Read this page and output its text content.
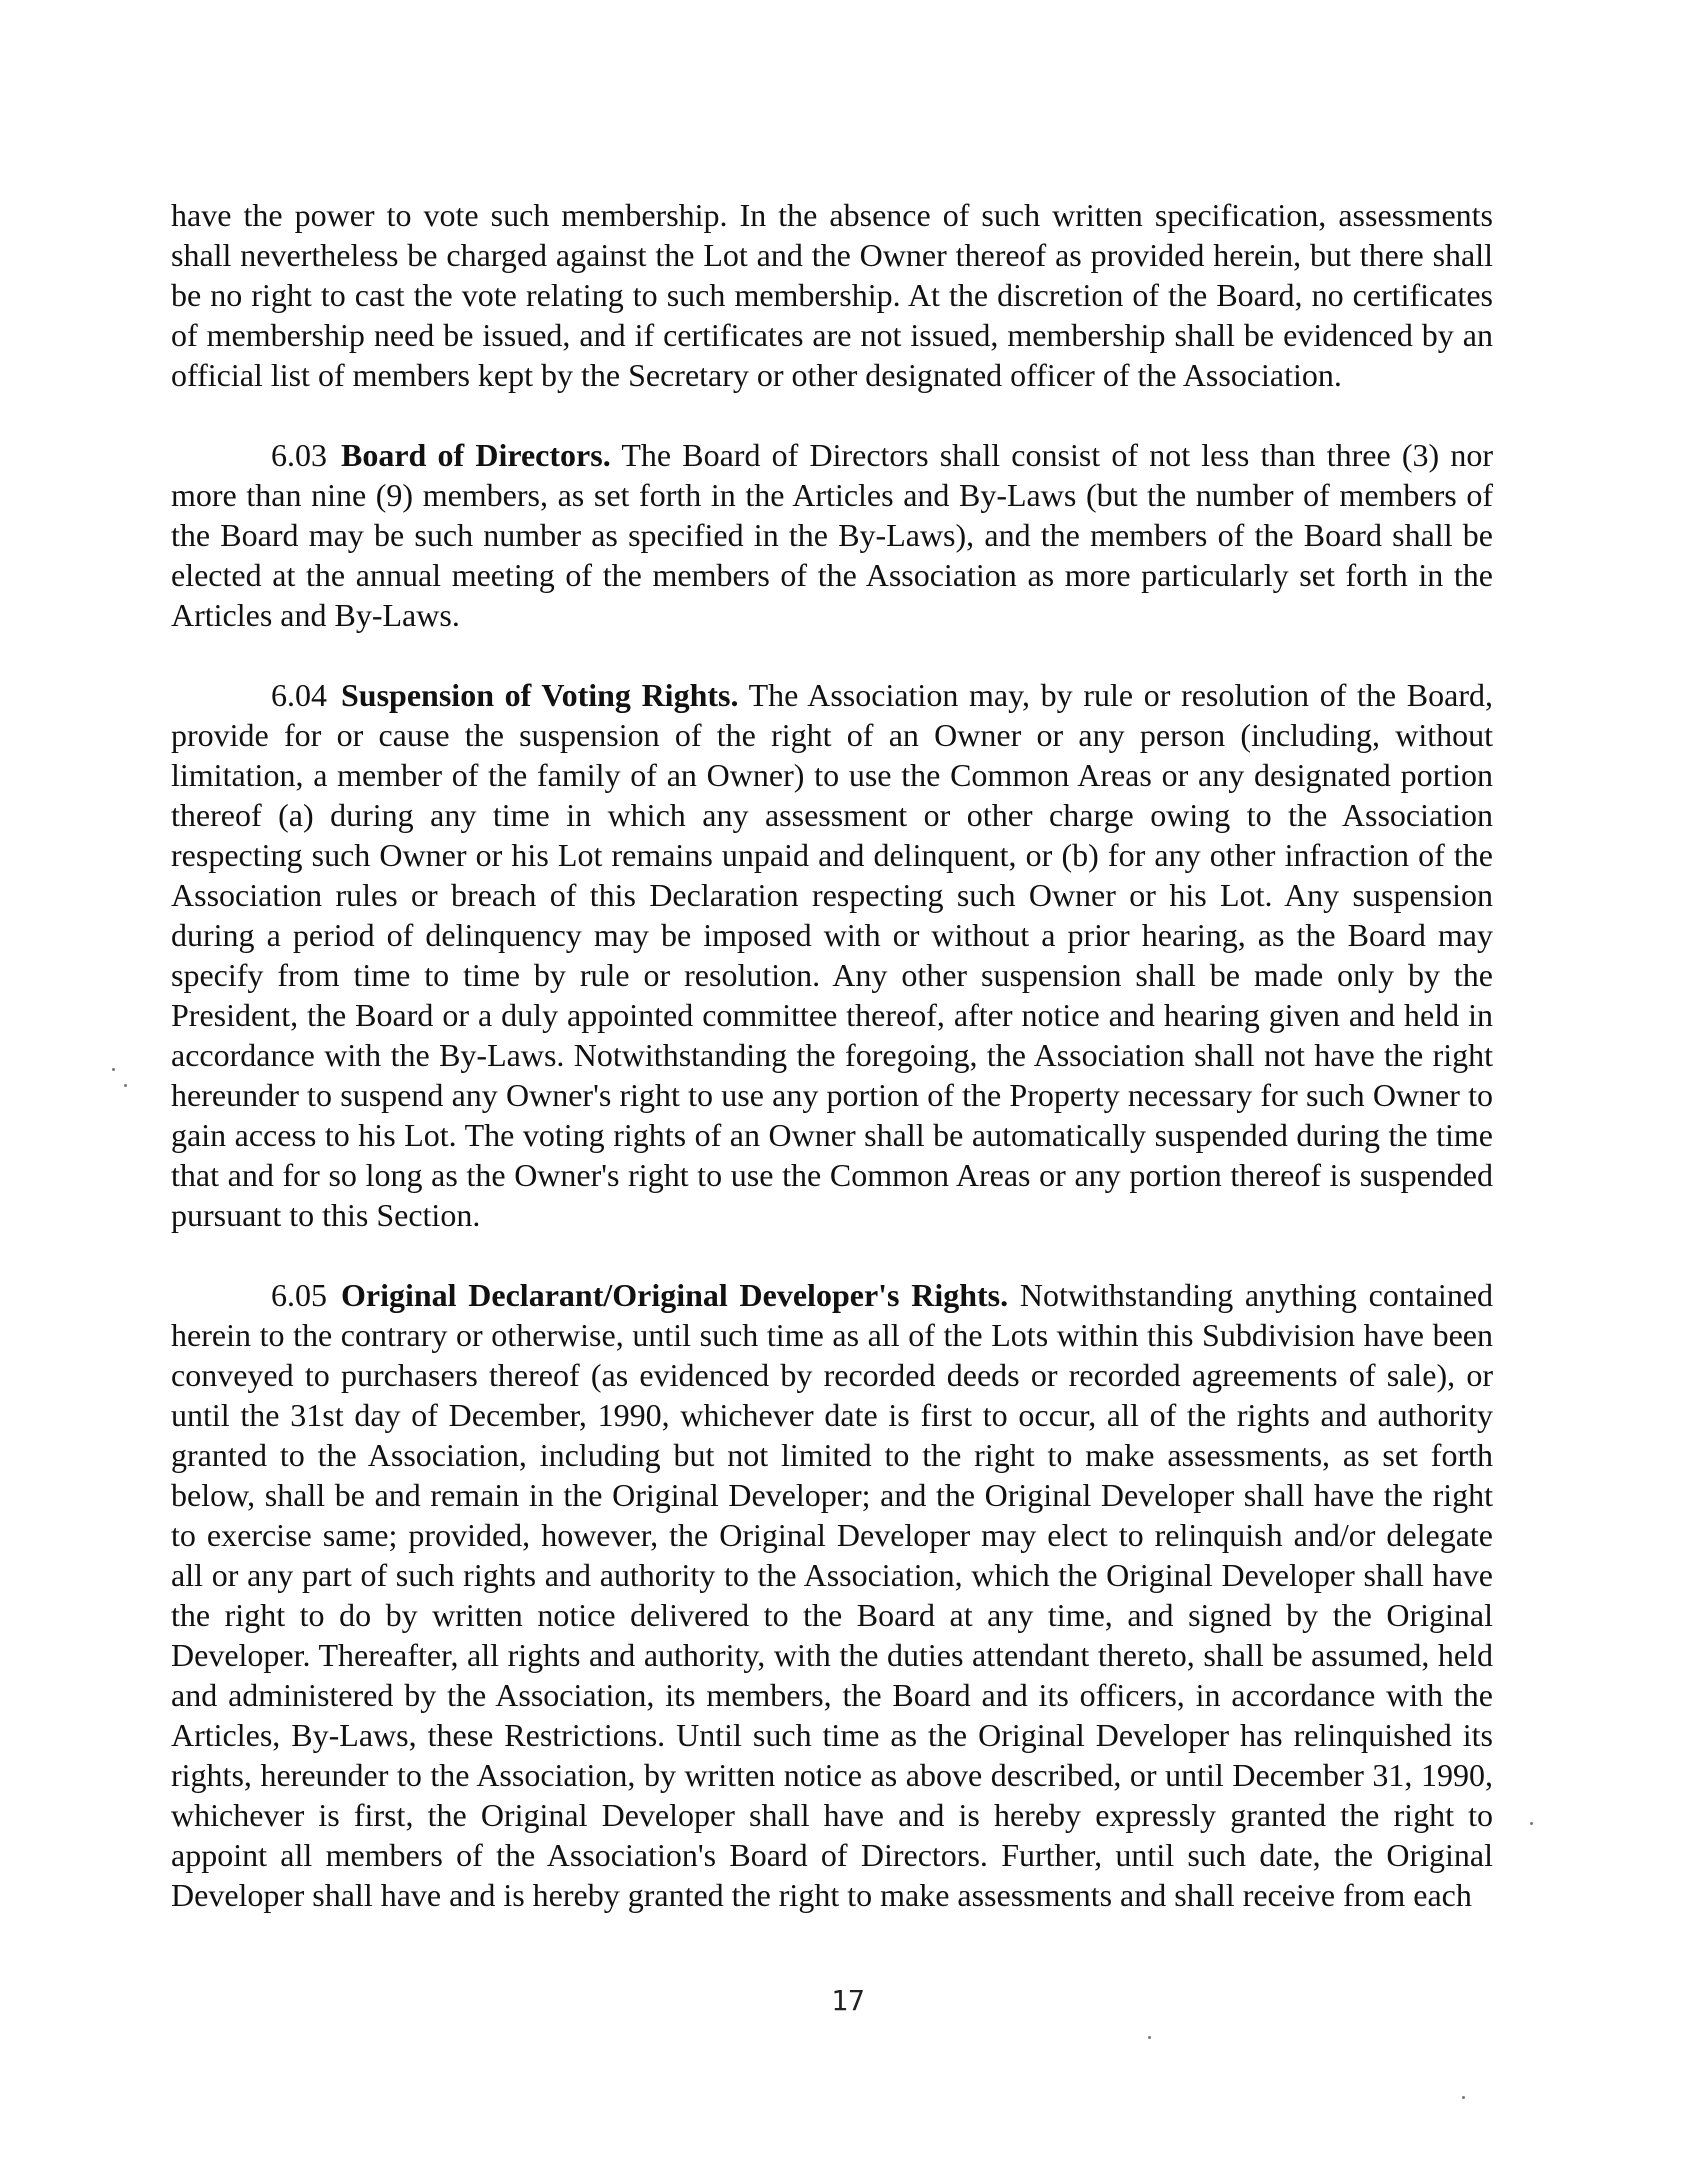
have the power to vote such membership. In the absence of such written specification, assessments shall nevertheless be charged against the Lot and the Owner thereof as provided herein, but there shall be no right to cast the vote relating to such membership. At the discretion of the Board, no certificates of membership need be issued, and if certificates are not issued, membership shall be evidenced by an official list of members kept by the Secretary or other designated officer of the Association.

6.03 Board of Directors. The Board of Directors shall consist of not less than three (3) nor more than nine (9) members, as set forth in the Articles and By-Laws (but the number of members of the Board may be such number as specified in the By-Laws), and the members of the Board shall be elected at the annual meeting of the members of the Association as more particularly set forth in the Articles and By-Laws.

6.04 Suspension of Voting Rights. The Association may, by rule or resolution of the Board, provide for or cause the suspension of the right of an Owner or any person (including, without limitation, a member of the family of an Owner) to use the Common Areas or any designated portion thereof (a) during any time in which any assessment or other charge owing to the Association respecting such Owner or his Lot remains unpaid and delinquent, or (b) for any other infraction of the Association rules or breach of this Declaration respecting such Owner or his Lot. Any suspension during a period of delinquency may be imposed with or without a prior hearing, as the Board may specify from time to time by rule or resolution. Any other suspension shall be made only by the President, the Board or a duly appointed committee thereof, after notice and hearing given and held in accordance with the By-Laws. Notwithstanding the foregoing, the Association shall not have the right hereunder to suspend any Owner's right to use any portion of the Property necessary for such Owner to gain access to his Lot. The voting rights of an Owner shall be automatically suspended during the time that and for so long as the Owner's right to use the Common Areas or any portion thereof is suspended pursuant to this Section.

6.05 Original Declarant/Original Developer's Rights. Notwithstanding anything contained herein to the contrary or otherwise, until such time as all of the Lots within this Subdivision have been conveyed to purchasers thereof (as evidenced by recorded deeds or recorded agreements of sale), or until the 31st day of December, 1990, whichever date is first to occur, all of the rights and authority granted to the Association, including but not limited to the right to make assessments, as set forth below, shall be and remain in the Original Developer; and the Original Developer shall have the right to exercise same; provided, however, the Original Developer may elect to relinquish and/or delegate all or any part of such rights and authority to the Association, which the Original Developer shall have the right to do by written notice delivered to the Board at any time, and signed by the Original Developer. Thereafter, all rights and authority, with the duties attendant thereto, shall be assumed, held and administered by the Association, its members, the Board and its officers, in accordance with the Articles, By-Laws, these Restrictions. Until such time as the Original Developer has relinquished its rights, hereunder to the Association, by written notice as above described, or until December 31, 1990, whichever is first, the Original Developer shall have and is hereby expressly granted the right to appoint all members of the Association's Board of Directors. Further, until such date, the Original Developer shall have and is hereby granted the right to make assessments and shall receive from each

17
